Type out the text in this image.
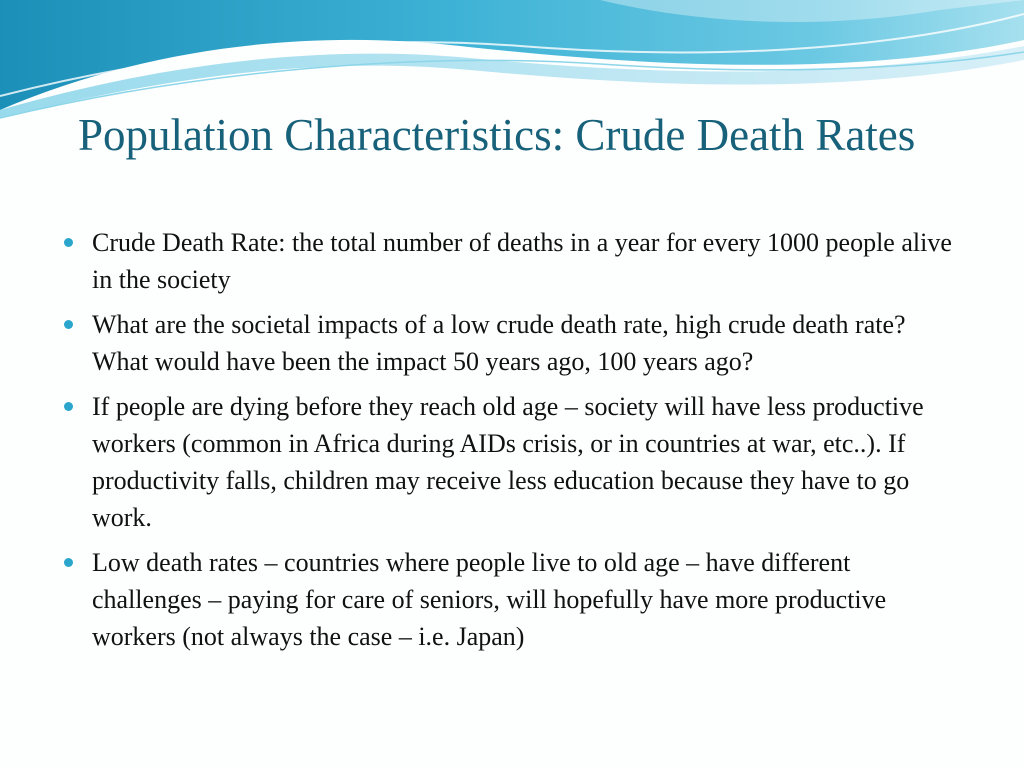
Population Characteristics: Crude Death Rates
Crude Death Rate: the total number of deaths in a year for every 1000 people alive in the society
What are the societal impacts of a low crude death rate, high crude death rate? What would have been the impact 50 years ago, 100 years ago?
If people are dying before they reach old age – society will have less productive workers (common in Africa during AIDs crisis, or in countries at war, etc..). If productivity falls, children may receive less education because they have to go work.
Low death rates – countries where people live to old age – have different challenges – paying for care of seniors, will hopefully have more productive workers (not always the case – i.e. Japan)
